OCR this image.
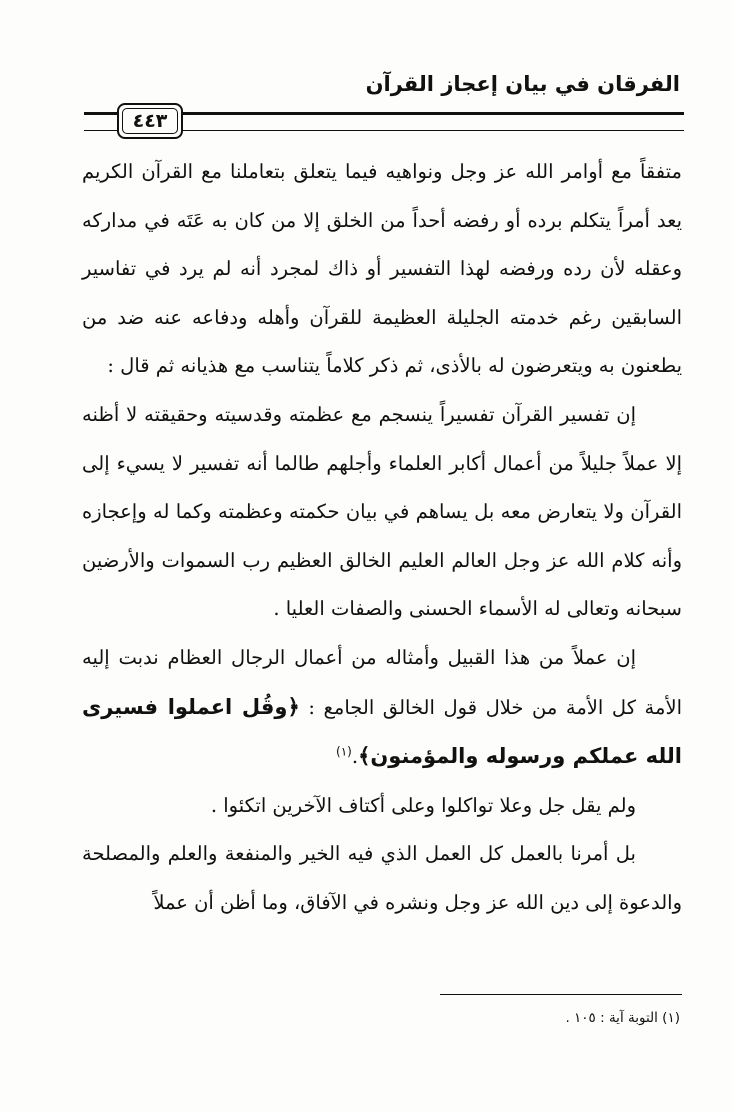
الفرقان في بيان إعجاز القرآن
٤٤٣

متفقاً مع أوامر الله عز وجل ونواهيه فيما يتعلق بتعاملنا مع القرآن الكريم يعد أمراً يتكلم برده أو رفضه أحداً من الخلق إلا من كان به عَتَه في مداركه وعقله لأن رده ورفضه لهذا التفسير أو ذاك لمجرد أنه لم يرد في تفاسير السابقين رغم خدمته الجليلة العظيمة للقرآن وأهله ودفاعه عنه ضد من يطعنون به ويتعرضون له بالأذى، ثم ذكر كلاماً يتناسب مع هذيانه ثم قال :

إن تفسير القرآن تفسيراً ينسجم مع عظمته وقدسيته وحقيقته لا أظنه إلا عملاً جليلاً من أعمال أكابر العلماء وأجلهم طالما أنه تفسير لا يسيء إلى القرآن ولا يتعارض معه بل يساهم في بيان حكمته وعظمته وكما له وإعجازه وأنه كلام الله عز وجل العالم العليم الخالق العظيم رب السموات والأرضين سبحانه وتعالى له الأسماء الحسنى والصفات العليا .

إن عملاً من هذا القبيل وأمثاله من أعمال الرجال العظام ندبت إليه الأمة كل الأمة من خلال قول الخالق الجامع : ﴿وقُل اعملوا فسيرى الله عملكم ورسوله والمؤمنون﴾.$^{(١)}$

ولم يقل جل وعلا تواكلوا وعلى أكتاف الآخرين اتكئوا .

بل أمرنا بالعمل كل العمل الذي فيه الخير والمنفعة والعلم والمصلحة والدعوة إلى دين الله عز وجل ونشره في الآفاق، وما أظن أن عملاً

(١) التوبة آية : ١٠٥ .
